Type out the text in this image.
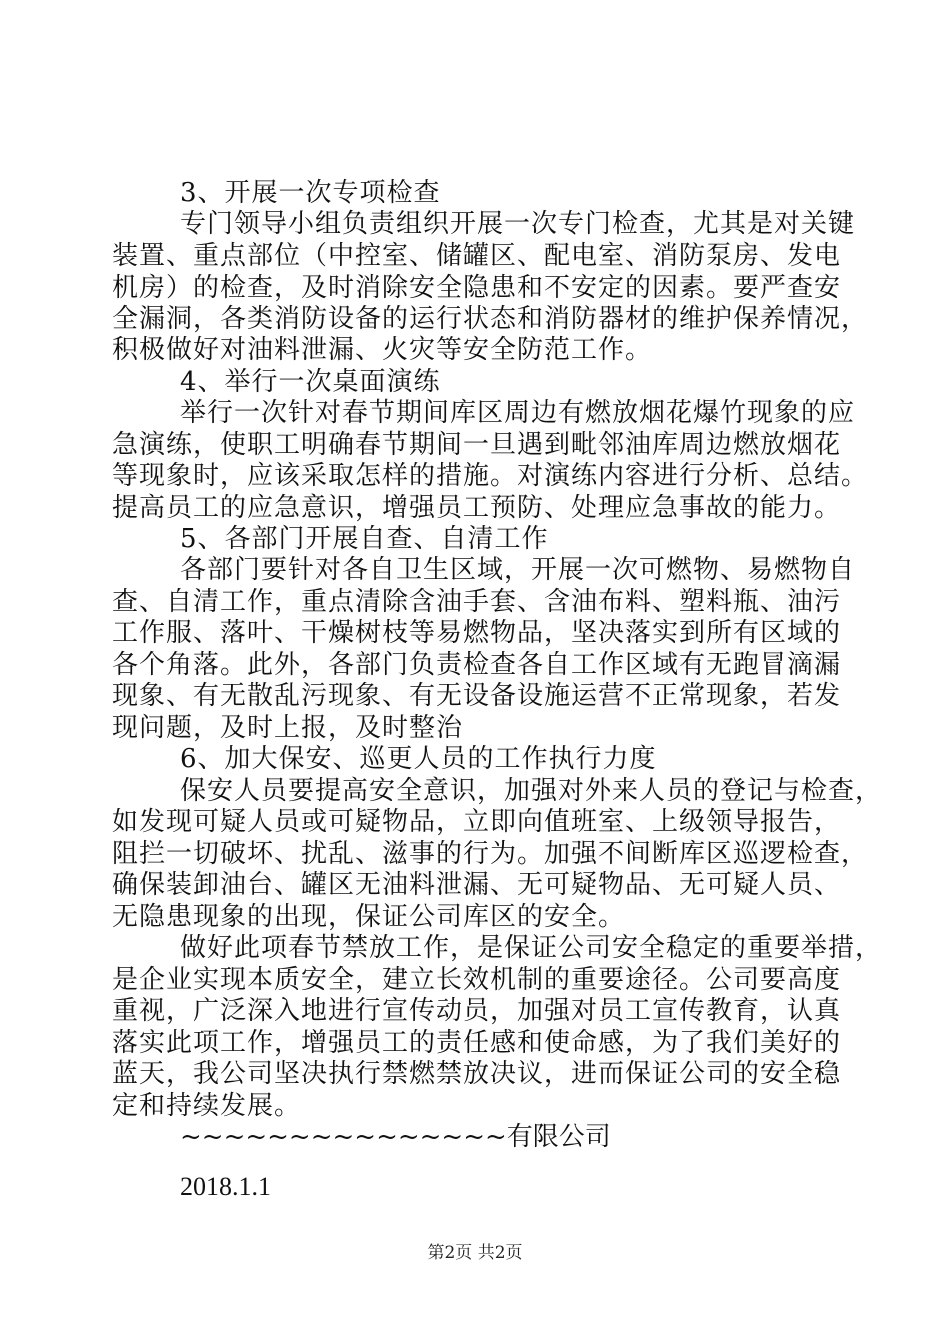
3、开展一次专项检查
专门领导小组负责组织开展一次专门检查，尤其是对关键
装置、重点部位（中控室、储罐区、配电室、消防泵房、发电
机房）的检查，及时消除安全隐患和不安定的因素。要严查安
全漏洞，各类消防设备的运行状态和消防器材的维护保养情况，
积极做好对油料泄漏、火灾等安全防范工作。
4、举行一次桌面演练
举行一次针对春节期间库区周边有燃放烟花爆竹现象的应
急演练，使职工明确春节期间一旦遇到毗邻油库周边燃放烟花
等现象时，应该采取怎样的措施。对演练内容进行分析、总结。
提高员工的应急意识，增强员工预防、处理应急事故的能力。
5、各部门开展自查、自清工作
各部门要针对各自卫生区域，开展一次可燃物、易燃物自
查、自清工作，重点清除含油手套、含油布料、塑料瓶、油污
工作服、落叶、干燥树枝等易燃物品，坚决落实到所有区域的
各个角落。此外，各部门负责检查各自工作区域有无跑冒滴漏
现象、有无散乱污现象、有无设备设施运营不正常现象，若发
现问题，及时上报，及时整治
6、加大保安、巡更人员的工作执行力度
保安人员要提高安全意识，加强对外来人员的登记与检查，
如发现可疑人员或可疑物品，立即向值班室、上级领导报告，
阻拦一切破坏、扰乱、滋事的行为。加强不间断库区巡逻检查，
确保装卸油台、罐区无油料泄漏、无可疑物品、无可疑人员、
无隐患现象的出现，保证公司库区的安全。
做好此项春节禁放工作，是保证公司安全稳定的重要举措，
是企业实现本质安全，建立长效机制的重要途径。公司要高度
重视，广泛深入地进行宣传动员，加强对员工宣传教育，认真
落实此项工作，增强员工的责任感和使命感，为了我们美好的
蓝天，我公司坚决执行禁燃禁放决议，进而保证公司的安全稳
定和持续发展。
~~~~~~~~~~~~~~~有限公司
2018.1.1
第2页 共2页
